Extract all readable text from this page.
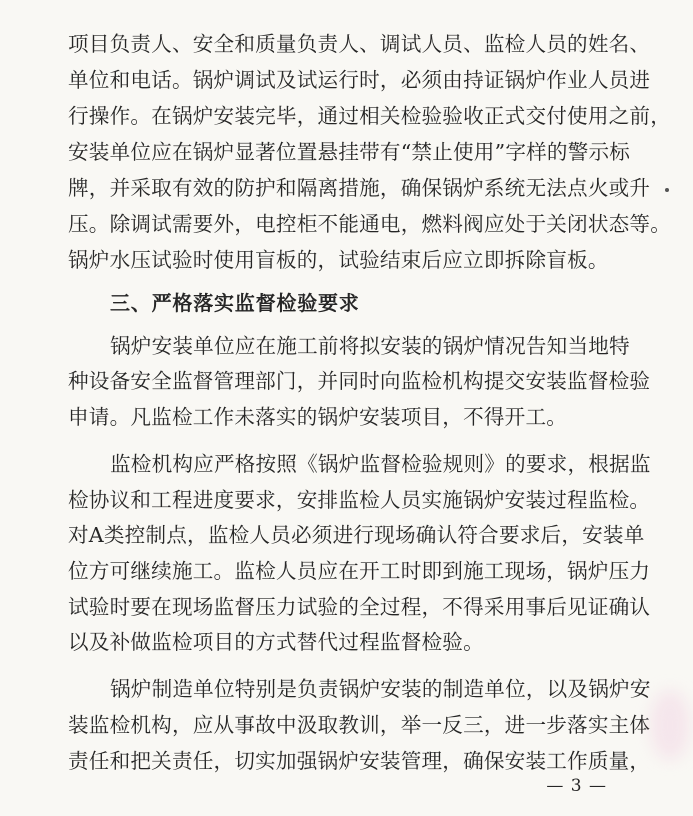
项目负责人、安全和质量负责人、调试人员、监检人员的姓名、
单位和电话。锅炉调试及试运行时，必须由持证锅炉作业人员进
行操作。在锅炉安装完毕，通过相关检验验收正式交付使用之前，
安装单位应在锅炉显著位置悬挂带有“禁止使用”字样的警示标
牌，并采取有效的防护和隔离措施，确保锅炉系统无法点火或升
压。除调试需要外，电控柜不能通电，燃料阀应处于关闭状态等。
锅炉水压试验时使用盲板的，试验结束后应立即拆除盲板。
三、严格落实监督检验要求
锅炉安装单位应在施工前将拟安装的锅炉情况告知当地特
种设备安全监督管理部门，并同时向监检机构提交安装监督检验
申请。凡监检工作未落实的锅炉安装项目，不得开工。
监检机构应严格按照《锅炉监督检验规则》的要求，根据监
检协议和工程进度要求，安排监检人员实施锅炉安装过程监检。
对A类控制点，监检人员必须进行现场确认符合要求后，安装单
位方可继续施工。监检人员应在开工时即到施工现场，锅炉压力
试验时要在现场监督压力试验的全过程，不得采用事后见证确认
以及补做监检项目的方式替代过程监督检验。
锅炉制造单位特别是负责锅炉安装的制造单位，以及锅炉安
装监检机构，应从事故中汲取教训，举一反三，进一步落实主体
责任和把关责任，切实加强锅炉安装管理，确保安装工作质量，
— 3 —
